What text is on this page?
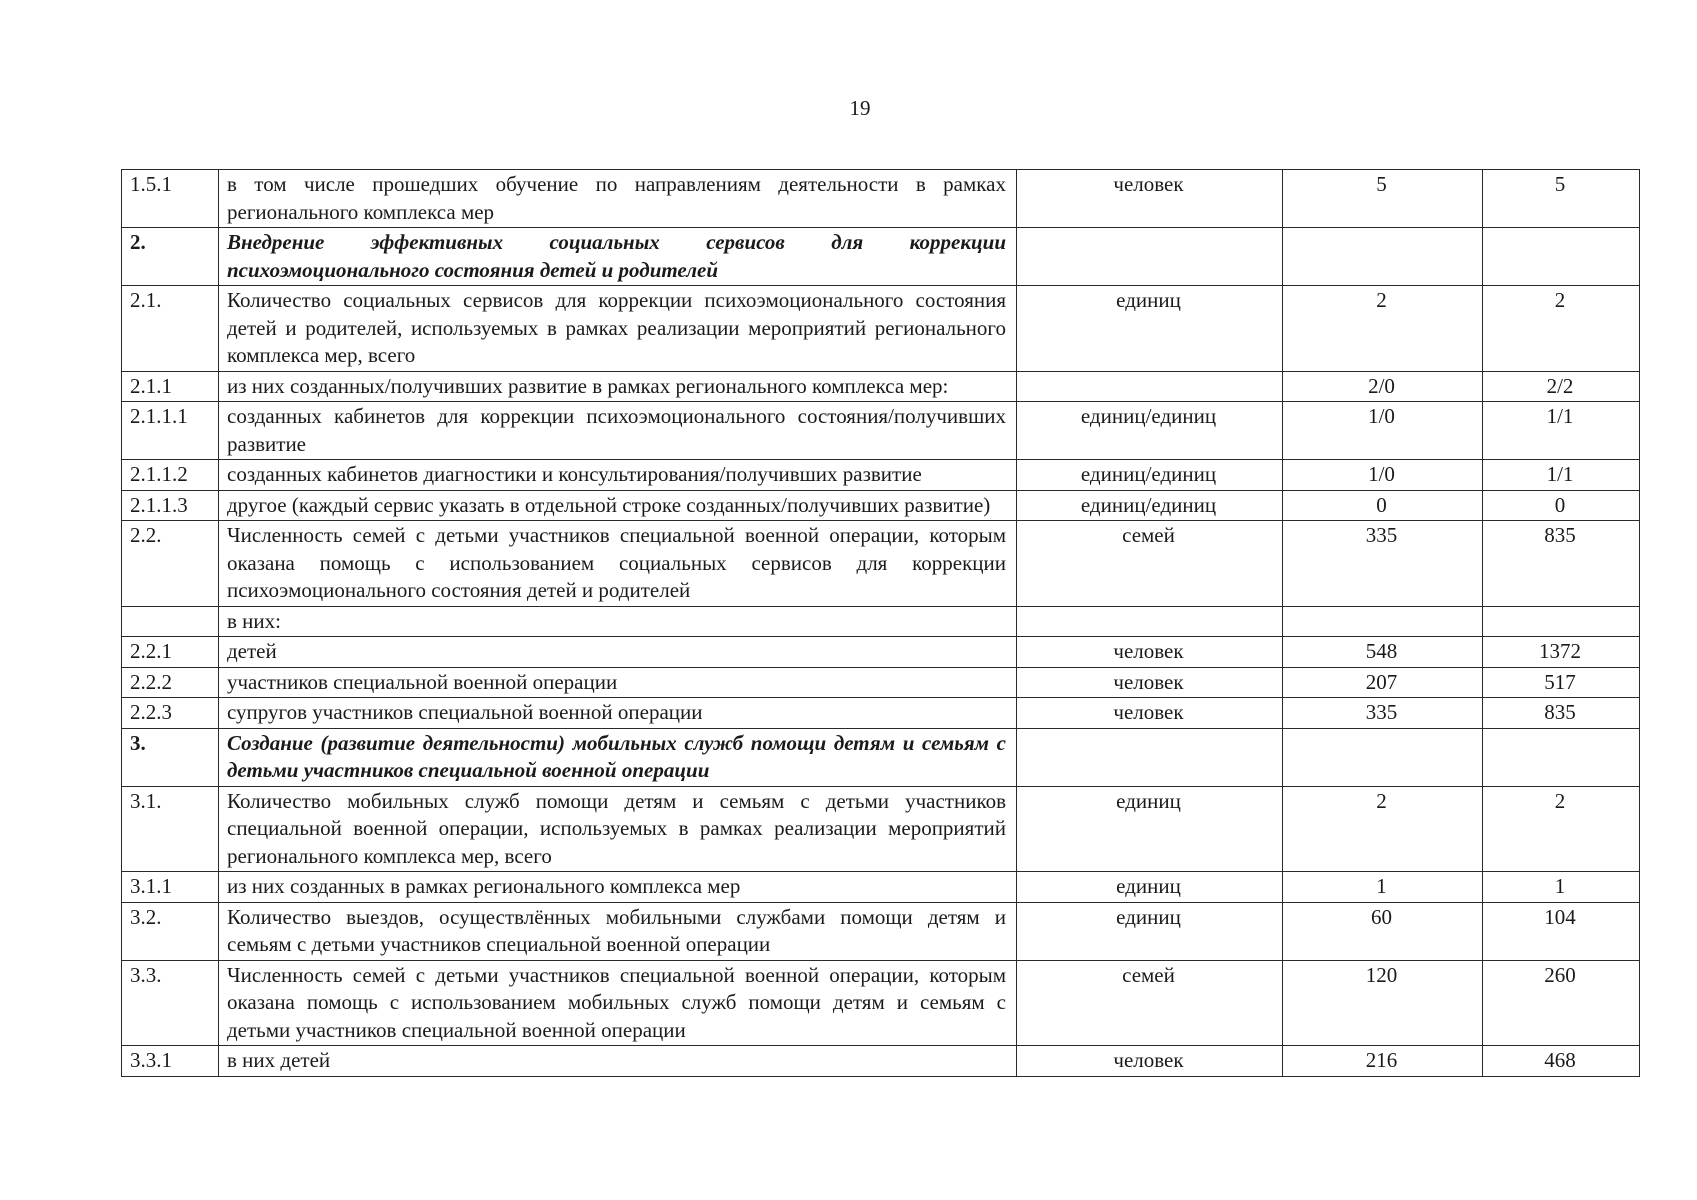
19
1.5.1	в том числе прошедших обучение по направлениям деятельности в рамках регионального комплекса мер	человек	5	5
2.	Внедрение эффективных социальных сервисов для коррекции психоэмоционального состояния детей и родителей			
2.1.	Количество социальных сервисов для коррекции психоэмоционального состояния детей и родителей, используемых в рамках реализации мероприятий регионального комплекса мер, всего	единиц	2	2
2.1.1	из них созданных/получивших развитие в рамках регионального комплекса мер:		2/0	2/2
2.1.1.1	созданных кабинетов для коррекции психоэмоционального состояния/получивших развитие	единиц/единиц	1/0	1/1
2.1.1.2	созданных кабинетов диагностики и консультирования/получивших развитие	единиц/единиц	1/0	1/1
2.1.1.3	другое (каждый сервис указать в отдельной строке созданных/получивших развитие)	единиц/единиц	0	0
2.2.	Численность семей с детьми участников специальной военной операции, которым оказана помощь с использованием социальных сервисов для коррекции психоэмоционального состояния детей и родителей	семей	335	835
	в них:			
2.2.1	детей	человек	548	1372
2.2.2	участников специальной военной операции	человек	207	517
2.2.3	супругов участников специальной военной операции	человек	335	835
3.	Создание (развитие деятельности) мобильных служб помощи детям и семьям с детьми участников специальной военной операции			
3.1.	Количество мобильных служб помощи детям и семьям с детьми участников специальной военной операции, используемых в рамках реализации мероприятий регионального комплекса мер, всего	единиц	2	2
3.1.1	из них созданных в рамках регионального комплекса мер	единиц	1	1
3.2.	Количество выездов, осуществлённых мобильными службами помощи детям и семьям с детьми участников специальной военной операции	единиц	60	104
3.3.	Численность семей с детьми участников специальной военной операции, которым оказана помощь с использованием мобильных служб помощи детям и семьям с детьми участников специальной военной операции	семей	120	260
3.3.1	в них детей	человек	216	468
